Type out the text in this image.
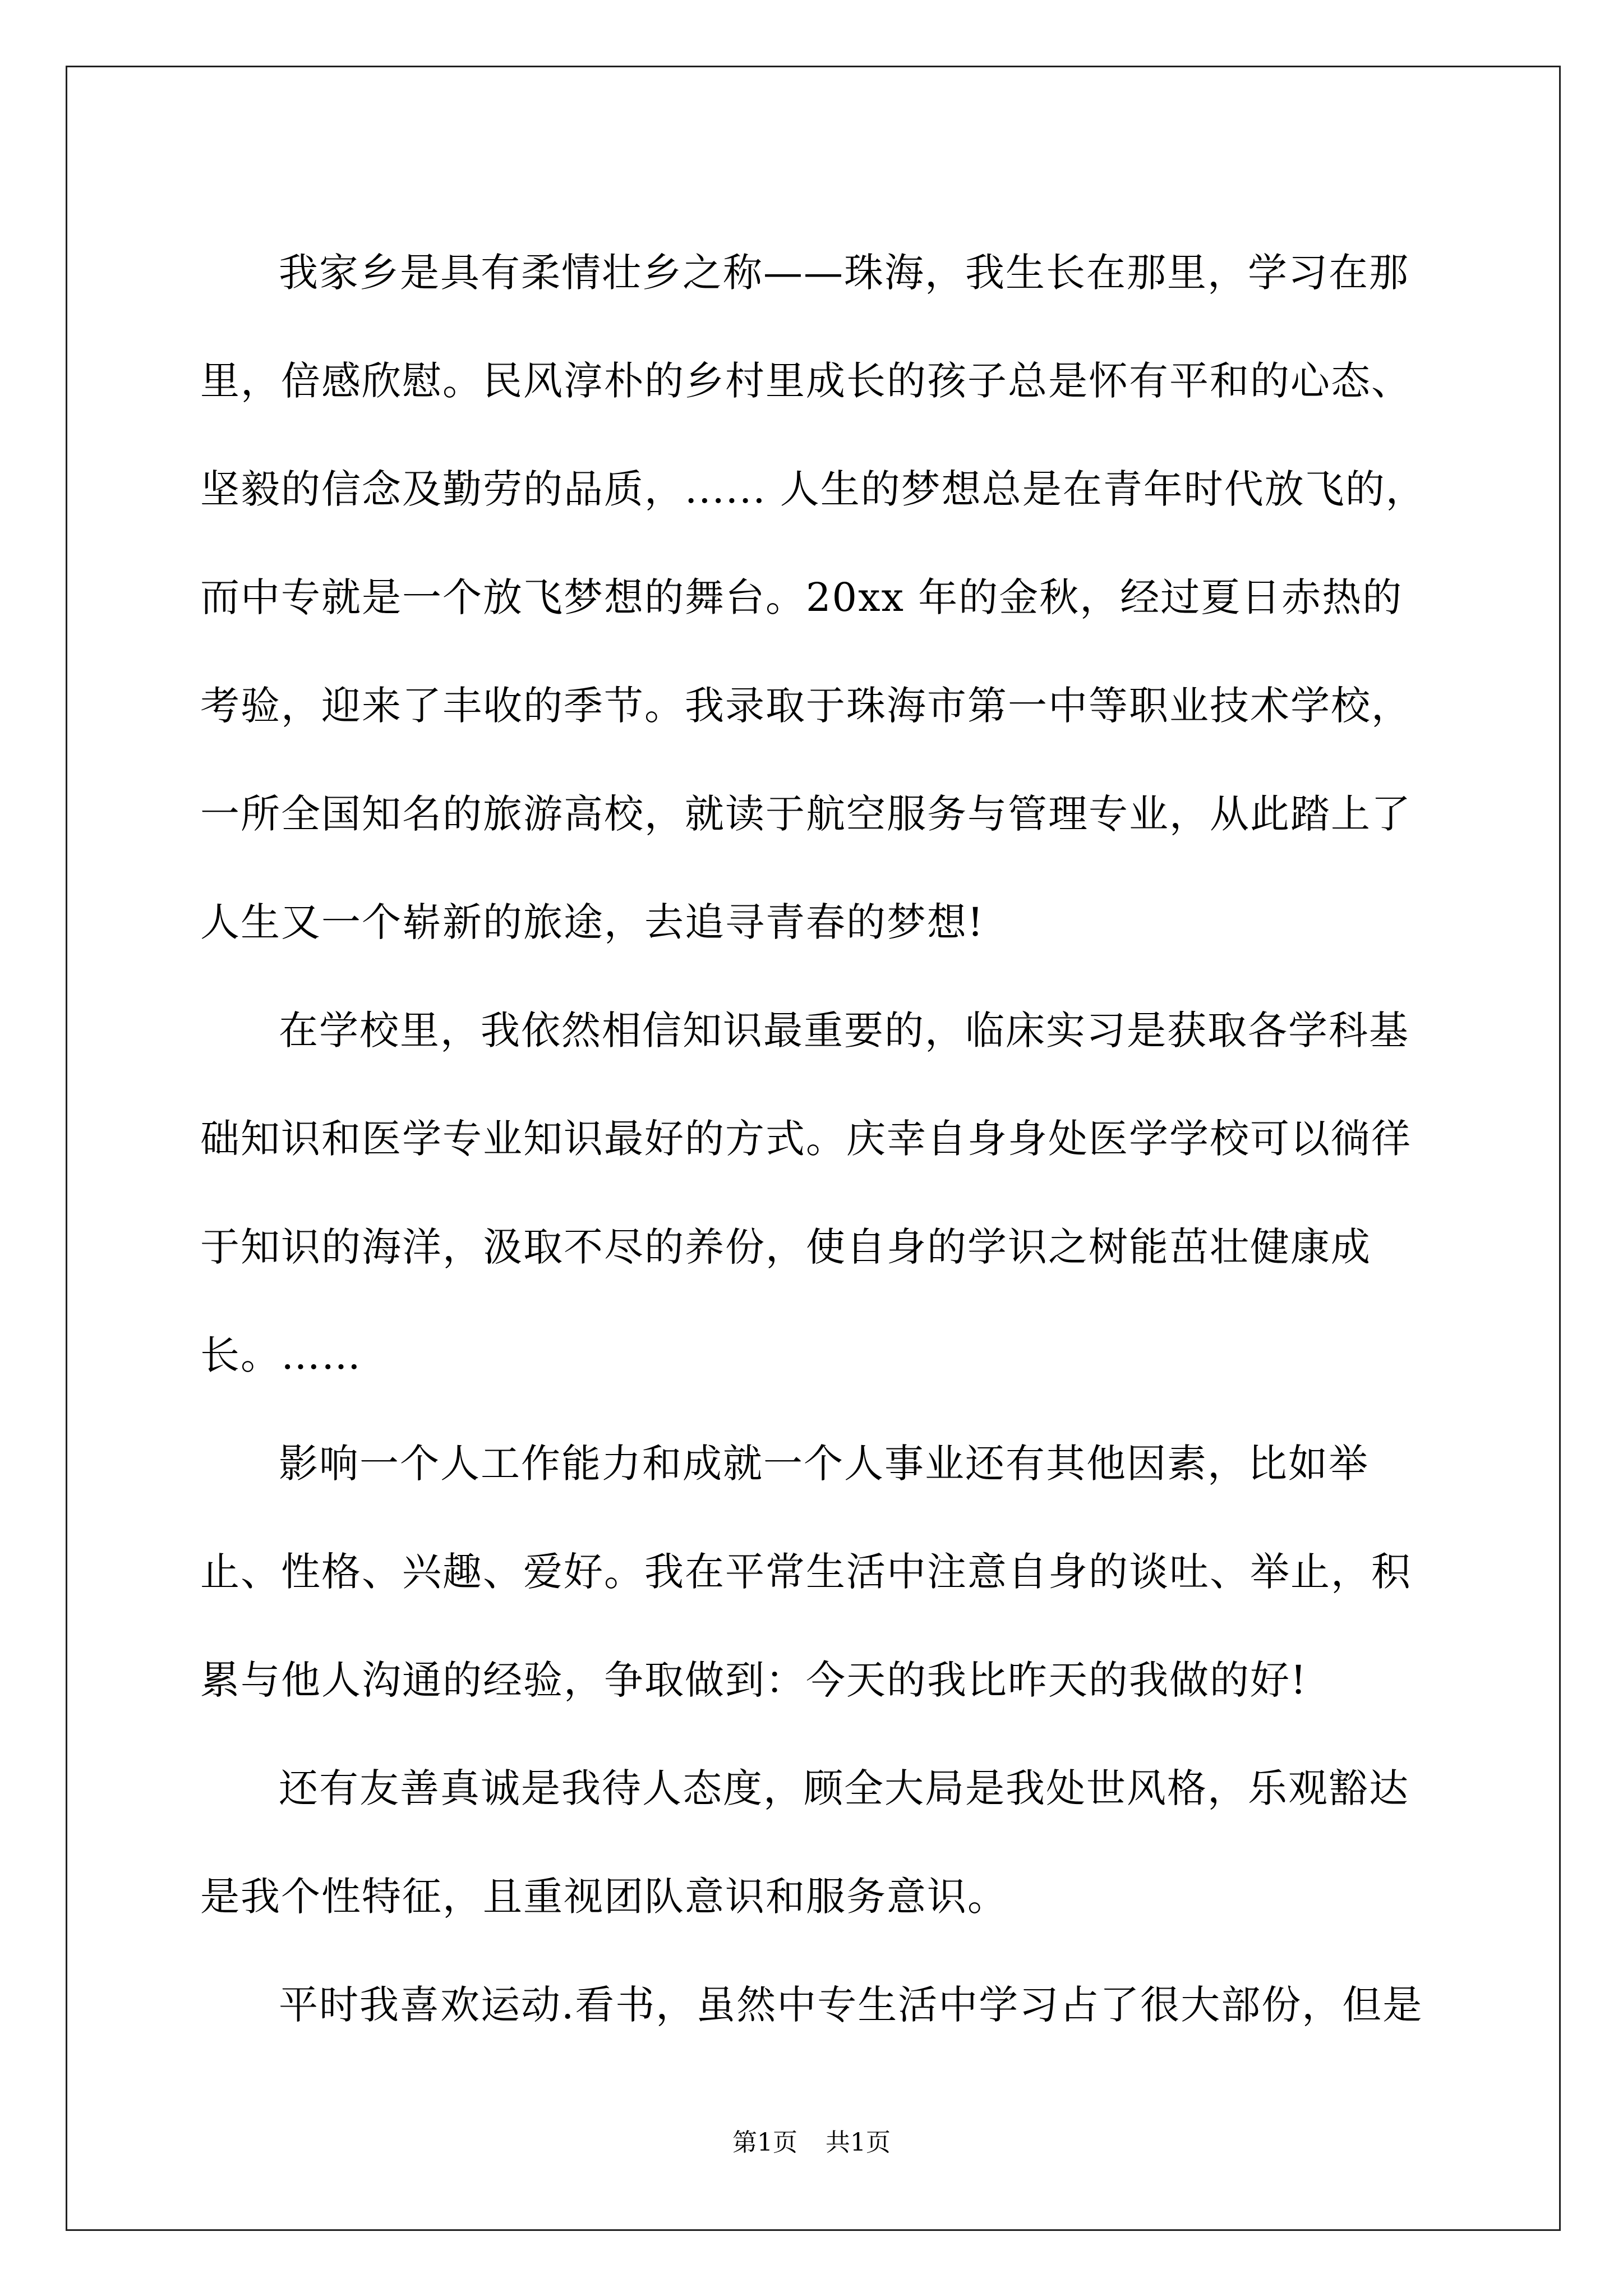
我家乡是具有柔情壮乡之称——珠海，我生长在那里，学习在那里，倍感欣慰。民风淳朴的乡村里成长的孩子总是怀有平和的心态、坚毅的信念及勤劳的品质，...... 人生的梦想总是在青年时代放飞的，而中专就是一个放飞梦想的舞台。20xx 年的金秋，经过夏日赤热的考验，迎来了丰收的季节。我录取于珠海市第一中等职业技术学校，一所全国知名的旅游高校，就读于航空服务与管理专业，从此踏上了人生又一个崭新的旅途，去追寻青春的梦想!

在学校里，我依然相信知识最重要的，临床实习是获取各学科基础知识和医学专业知识最好的方式。庆幸自身身处医学学校可以徜徉于知识的海洋，汲取不尽的养份，使自身的学识之树能茁壮健康成长。……

影响一个人工作能力和成就一个人事业还有其他因素，比如举止、性格、兴趣、爱好。我在平常生活中注意自身的谈吐、举止，积累与他人沟通的经验，争取做到：今天的我比昨天的我做的好!

还有友善真诚是我待人态度，顾全大局是我处世风格，乐观豁达是我个性特征，且重视团队意识和服务意识。

平时我喜欢运动.看书，虽然中专生活中学习占了很大部份，但是

第1页 共1页
